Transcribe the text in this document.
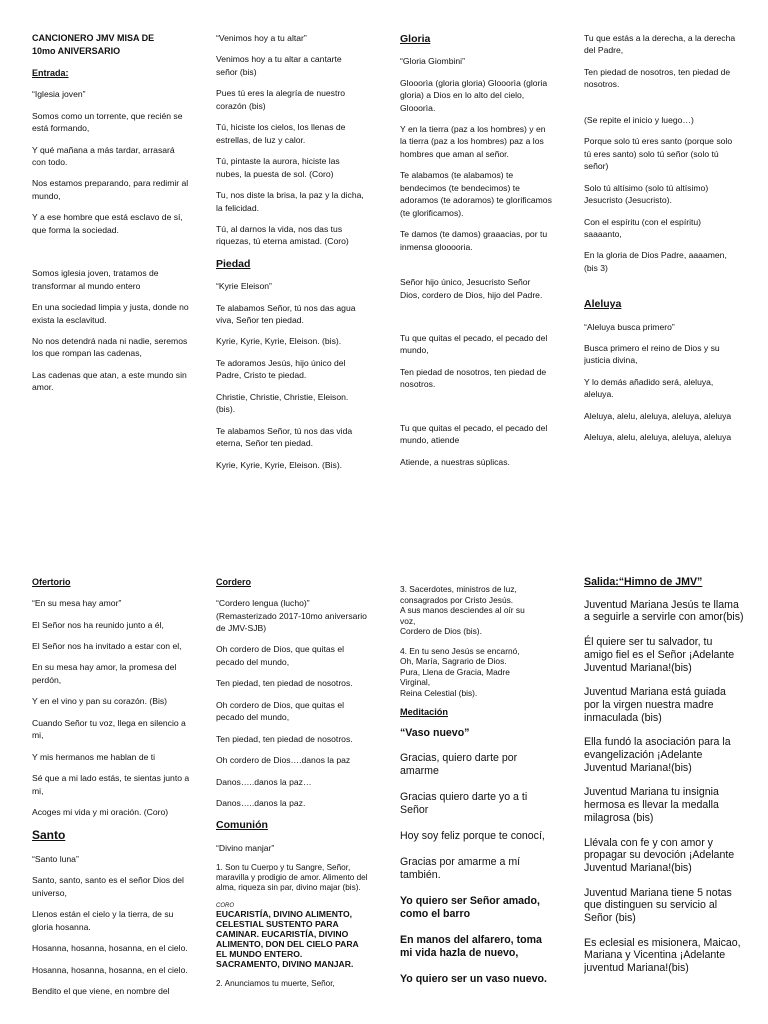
CANCIONERO JMV MISA DE
10mo ANIVERSARIO

Entrada:

“Iglesia joven”

Somos como un torrente, que recién se está formando,

Y qué mañana a más tardar, arrasará con todo.

Nos estamos preparando, para redimir al mundo,

Y a ese hombre que está esclavo de sí, que forma la sociedad.

Somos iglesia joven, tratamos de transformar al mundo entero

En una sociedad limpia y justa, donde no exista la esclavitud.

No nos detendrá nada ni nadie, seremos los que rompan las cadenas,

Las cadenas que atan, a este mundo sin amor.

“Venimos hoy a tu altar”

Venimos hoy a tu altar a cantarte señor (bis)

Pues tú eres la alegría de nuestro corazón (bis)

Tú, hiciste los cielos, los llenas de estrellas, de luz y calor.

Tú, pintaste la aurora, hiciste las nubes, la puesta de sol. (Coro)

Tu, nos diste la brisa, la paz y la dicha, la felicidad.

Tú, al darnos la vida, nos das tus riquezas, tú eterna amistad. (Coro)

Piedad

“Kyrie Eleison”

Te alabamos Señor, tú nos das agua viva, Señor ten piedad.

Kyrie, Kyrie, Kyrie, Eleison. (bis).

Te adoramos Jesús, hijo único del Padre, Cristo te piedad.

Christie, Christie, Christie, Eleison.(bis).

Te alabamos Señor, tú nos das vida eterna, Señor ten piedad.

Kyrie, Kyrie, Kyrie, Eleison. (Bis).

Gloria

“Gloria Giombini”

Glooorìa (gloria gloria) Glooorìa (gloria gloria) a Dios en lo alto del cielo, Glooorìa.

Y en la tierra (paz a los hombres) y en la tierra (paz a los hombres) paz a los hombres que aman al señor.

Te alabamos (te alabamos) te bendecimos (te bendecimos) te adoramos (te adoramos) te glorificamos (te glorificamos).

Te damos (te damos) graaacias, por tu inmensa glooooria.

Señor hijo único, Jesucristo Señor Dios, cordero de Dios, hijo del Padre.

Tu que quitas el pecado, el pecado del mundo,

Ten piedad de nosotros, ten piedad de nosotros.

Tu que quitas el pecado, el pecado del mundo, atiende

Atiende, a nuestras súplicas.

Tu que estás a la derecha, a la derecha del Padre,

Ten piedad de nosotros, ten piedad de nosotros.

(Se repite el inicio y luego…)

Porque solo tú eres santo (porque solo tú eres santo) solo tú señor (solo tú señor)

Solo tú altísimo (solo tú altísimo) Jesucristo (Jesucristo).

Con el espíritu (con el espíritu) saaaanto,

En la gloria de Dios Padre, aaaamen, (bis 3)

Aleluya

“Aleluya busca primero”

Busca primero el reino de Dios y su justicia divina,

Y lo demás añadido será, aleluya, aleluya.

Aleluya, alelu, aleluya, aleluya, aleluya

Aleluya, alelu, aleluya, aleluya, aleluya

Ofertorio

“En su mesa hay amor”

El Señor nos ha reunido junto a él,

El Señor nos ha invitado a estar con el,

En su mesa hay amor, la promesa del perdón,

Y en el vino y pan su corazón. (Bis)

Cuando Señor tu voz, llega en silencio a mi,

Y mis hermanos me hablan de ti

Sé que a mi lado estás, te sientas junto a mi,

Acoges mi vida y mi oración. (Coro)

Santo

“Santo luna”

Santo, santo, santo es el señor Dios del universo,

Llenos están el cielo y la tierra, de su gloria hosanna.

Hosanna, hosanna, hosanna, en el cielo.

Hosanna, hosanna, hosanna, en el cielo.

Bendito el que viene, en nombre del

Cordero

“Cordero lengua (lucho)” (Remasterizado 2017-10mo aniversario de JMV-SJB)

Oh cordero de Dios, que quitas el pecado del mundo,

Ten piedad, ten piedad de nosotros.

Oh cordero de Dios, que quitas el pecado del mundo,

Ten piedad, ten piedad de nosotros.

Oh cordero de Dios….danos la paz

Danos…..danos la paz…

Danos…..danos la paz.

Comunión

“Divino manjar”

1. Son tu Cuerpo y tu Sangre, Señor, maravilla y prodigio de amor. Alimento del alma, riqueza sin par, divino majar (bis).

CORO

EUCARISTÍA, DIVINO ALIMENTO, CELESTIAL SUSTENTO PARA CAMINAR. EUCARISTÍA, DIVINO ALIMENTO, DON DEL CIELO PARA EL MUNDO ENTERO. SACRAMENTO, DIVINO MANJAR.

2. Anunciamos tu muerte, Señor,

3. Sacerdotes, ministros de luz,
consagrados por Cristo Jesús.
A sus manos desciendes al oír su
voz,
Cordero de Dios (bis).

4. En tu seno Jesús se encarnó,
Oh, María, Sagrario de Dios.
Pura, Llena de Gracia, Madre
Virginal,
Reina Celestial (bis).

Meditación

“Vaso nuevo”

Gracias, quiero darte por amarme

Gracias quiero darte yo a ti Señor

Hoy soy feliz porque te conocí,

Gracias por amarme a mí también.

Yo quiero ser Señor amado, como el barro

En manos del alfarero, toma mi vida hazla de nuevo,

Yo quiero ser un vaso nuevo.

Salida:“Himno de JMV”

Juventud Mariana Jesús te llama a seguirle a servirle con amor(bis)

Él quiere ser tu salvador, tu amigo fiel es el Señor ¡Adelante Juventud Mariana!(bis)

Juventud Mariana está guiada por la virgen nuestra madre inmaculada (bis)

Ella fundó la asociación para la evangelización ¡Adelante Juventud Mariana!(bis)

Juventud Mariana tu insignia hermosa es llevar la medalla milagrosa (bis)

Llévala con fe y con amor y propagar su devoción ¡Adelante Juventud Mariana!(bis)

Juventud Mariana tiene 5 notas que distinguen su servicio al Señor (bis)

Es eclesial es misionera, Maicao, Mariana y Vicentina ¡Adelante juventud Mariana!(bis)
